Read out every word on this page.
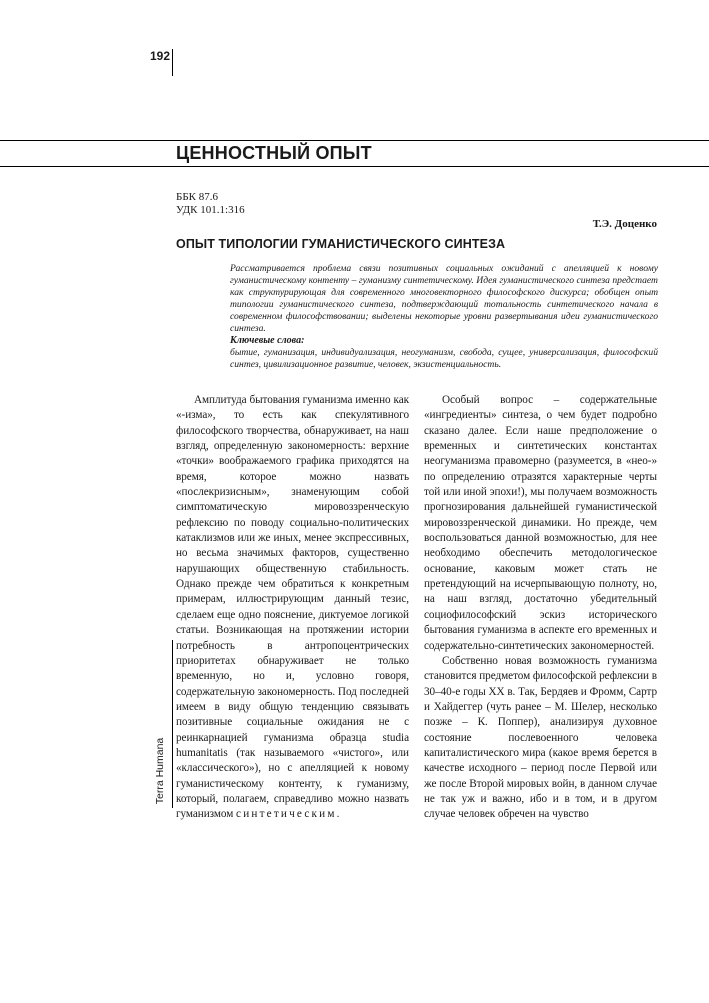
192
ЦЕННОСТНЫЙ ОПЫТ
ББК 87.6
УДК 101.1:316
Т.Э. Доценко
ОПЫТ ТИПОЛОГИИ ГУМАНИСТИЧЕСКОГО СИНТЕЗА
Рассматривается проблема связи позитивных социальных ожиданий с апелляцией к новому гуманистическому контенту – гуманизму синтетическому. Идея гуманистического синтеза предстает как структурирующая для современного многовекторного философского дискурса; обобщен опыт типологии гуманистического синтеза, подтверждающий тотальность синтетического начала в современном философствовании; выделены некоторые уровни развертывания идеи гуманистического синтеза.
Ключевые слова:
бытие, гуманизация, индивидуализация, неогуманизм, свобода, сущее, универсализация, философский синтез, цивилизационное развитие, человек, экзистенциальность.

Амплитуда бытования гуманизма именно как «-изма», то есть как спекулятивного философского творчества, обнаруживает, на наш взгляд, определенную закономерность: верхние «точки» воображаемого графика приходятся на время, которое можно назвать «послекризисным», знаменующим собой симптоматическую мировоззренческую рефлексию по поводу социально-политических катаклизмов или же иных, менее экспрессивных, но весьма значимых факторов, существенно нарушающих общественную стабильность. Однако прежде чем обратиться к конкретным примерам, иллюстрирующим данный тезис, сделаем еще одно пояснение, диктуемое логикой статьи. Возникающая на протяжении истории потребность в антропоцентрических приоритетах обнаруживает не только временную, но и, условно говоря, содержательную закономерность. Под последней имеем в виду общую тенденцию связывать позитивные социальные ожидания не с реинкарнацией гуманизма образца studia humanitatis (так называемого «чистого», или «классического»), но с апелляцией к новому гуманистическому контенту, к гуманизму, который, полагаем, справедливо можно назвать гуманизмом синтетическим.

Особый вопрос – содержательные «ингредиенты» синтеза, о чем будет подробно сказано далее. Если наше предположение о временных и синтетических константах неогуманизма правомерно (разумеется, в «нео-» по определению отразятся характерные черты той или иной эпохи!), мы получаем возможность прогнозирования дальнейшей гуманистической мировоззренческой динамики. Но прежде, чем воспользоваться данной возможностью, для нее необходимо обеспечить методологическое основание, каковым может стать не претендующий на исчерпывающую полноту, но, на наш взгляд, достаточно убедительный социофилософский эскиз исторического бытования гуманизма в аспекте его временных и содержательно-синтетических закономерностей.

Собственно новая возможность гуманизма становится предметом философской рефлексии в 30–40-е годы XX в. Так, Бердяев и Фромм, Сартр и Хайдеггер (чуть ранее – М. Шелер, несколько позже – К. Поппер), анализируя духовное состояние послевоенного человека капиталистического мира (какое время берется в качестве исходного – период после Первой или же после Второй мировых войн, в данном случае не так уж и важно, ибо и в том, и в другом случае человек обречен на чувство

Terra Humana
